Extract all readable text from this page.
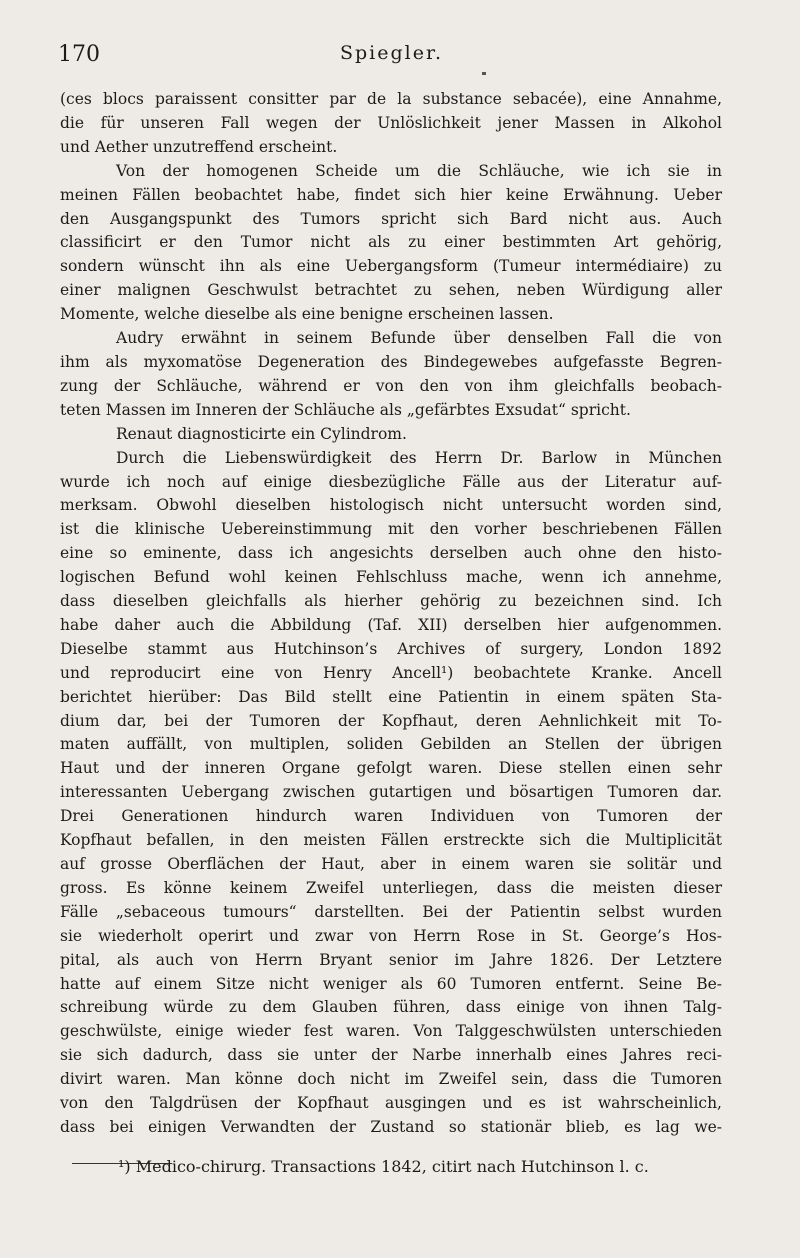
170	Spiegler.
(ces blocs paraissent consitter par de la substance sebacée), eine Annahme,
die für unseren Fall wegen der Unlöslichkeit jener Massen in Alkohol
und Aether unzutreffend erscheint.
Von der homogenen Scheide um die Schläuche, wie ich sie in
meinen Fällen beobachtet habe, findet sich hier keine Erwähnung. Ueber
den Ausgangspunkt des Tumors spricht sich Bard nicht aus. Auch
classificirt er den Tumor nicht als zu einer bestimmten Art gehörig,
sondern wünscht ihn als eine Uebergangsform (Tumeur intermédiaire) zu
einer malignen Geschwulst betrachtet zu sehen, neben Würdigung aller
Momente, welche dieselbe als eine benigne erscheinen lassen.
Audry erwähnt in seinem Befunde über denselben Fall die von
ihm als myxomatöse Degeneration des Bindegewebes aufgefasste Begren-
zung der Schläuche, während er von den von ihm gleichfalls beobach-
teten Massen im Inneren der Schläuche als „gefärbtes Exsudat“ spricht.
Renaut diagnosticirte ein Cylindrom.
Durch die Liebenswürdigkeit des Herrn Dr. Barlow in München
wurde ich noch auf einige diesbezügliche Fälle aus der Literatur auf-
merksam. Obwohl dieselben histologisch nicht untersucht worden sind,
ist die klinische Uebereinstimmung mit den vorher beschriebenen Fällen
eine so eminente, dass ich angesichts derselben auch ohne den histo-
logischen Befund wohl keinen Fehlschluss mache, wenn ich annehme,
dass dieselben gleichfalls als hierher gehörig zu bezeichnen sind. Ich
habe daher auch die Abbildung (Taf. XII) derselben hier aufgenommen.
Dieselbe stammt aus Hutchinson’s Archives of surgery, London 1892
und reproducirt eine von Henry Ancell¹) beobachtete Kranke. Ancell
berichtet hierüber: Das Bild stellt eine Patientin in einem späten Sta-
dium dar, bei der Tumoren der Kopfhaut, deren Aehnlichkeit mit To-
maten auffällt, von multiplen, soliden Gebilden an Stellen der übrigen
Haut und der inneren Organe gefolgt waren. Diese stellen einen sehr
interessanten Uebergang zwischen gutartigen und bösartigen Tumoren dar.
Drei Generationen hindurch waren Individuen von Tumoren der
Kopfhaut befallen, in den meisten Fällen erstreckte sich die Multiplicität
auf grosse Oberflächen der Haut, aber in einem waren sie solitär und
gross. Es könne keinem Zweifel unterliegen, dass die meisten dieser
Fälle „sebaceous tumours“ darstellten. Bei der Patientin selbst wurden
sie wiederholt operirt und zwar von Herrn Rose in St. George’s Hos-
pital, als auch von Herrn Bryant senior im Jahre 1826. Der Letztere
hatte auf einem Sitze nicht weniger als 60 Tumoren entfernt. Seine Be-
schreibung würde zu dem Glauben führen, dass einige von ihnen Talg-
geschwülste, einige wieder fest waren. Von Talggeschwülsten unterschieden
sie sich dadurch, dass sie unter der Narbe innerhalb eines Jahres reci-
divirt waren. Man könne doch nicht im Zweifel sein, dass die Tumoren
von den Talgdrüsen der Kopfhaut ausgingen und es ist wahrscheinlich,
dass bei einigen Verwandten der Zustand so stationär blieb, es lag we-
¹) Medico-chirurg. Transactions 1842, citirt nach Hutchinson l. c.
